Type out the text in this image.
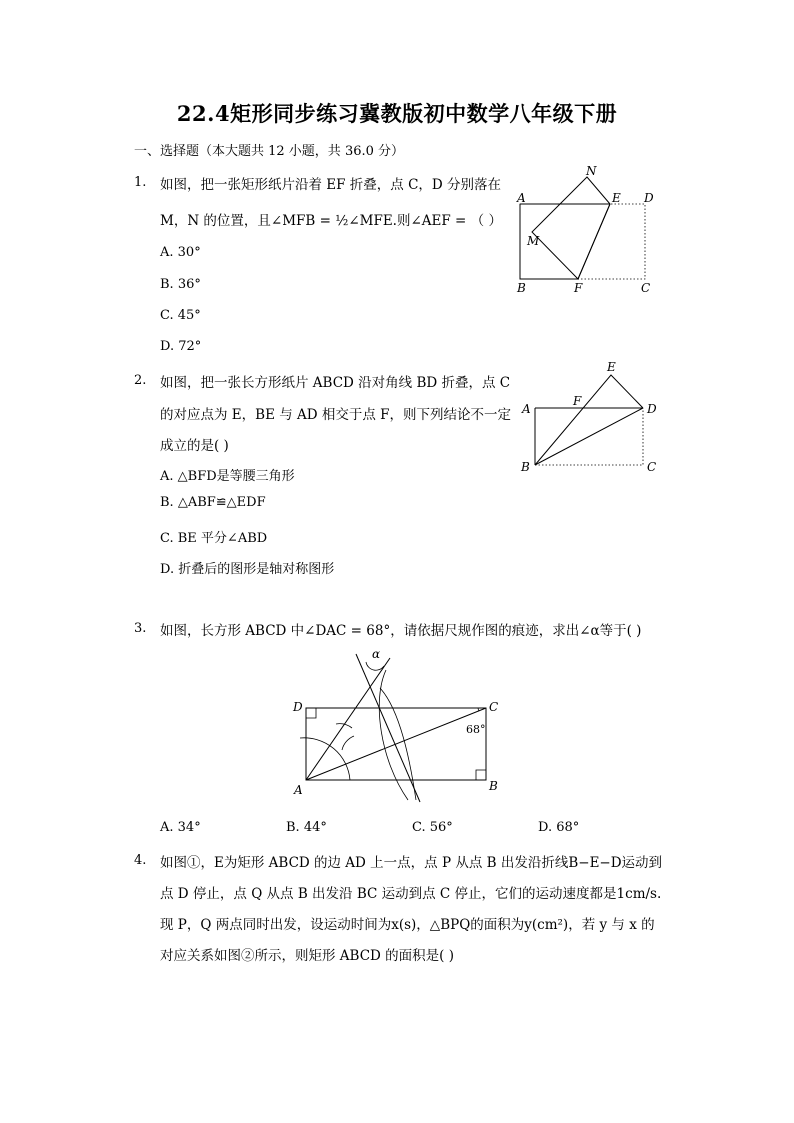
22.4矩形同步练习冀教版初中数学八年级下册
一、选择题（本大题共 12 小题，共 36.0 分）
1. 如图，把一张矩形纸片沿着 EF 折叠，点 C，D 分别落在
M，N 的位置，且∠MFB = ½∠MFE.则∠AEF = （ ）
A. 30°
B. 36°
C. 45°
D. 72°
A
N
E D
M
B	F	C
2. 如图，把一张长方形纸片 ABCD 沿对角线 BD 折叠，点 C
的对应点为 E，BE 与 AD 相交于点 F，则下列结论不一定
成立的是( )
A. △BFD是等腰三角形
B. △ABF≌△EDF
C. BE 平分∠ABD
D. 折叠后的图形是轴对称图形
E
A
F
D
B	C
3. 如图，长方形 ABCD 中∠DAC = 68°，请依据尺规作图的痕迹，求出∠α等于( )
α
D	C
68°
A	B
A. 34°	B. 44°	C. 56°	D. 68°
4. 如图①，E为矩形 ABCD 的边 AD 上一点，点 P 从点 B 出发沿折线B−E−D运动到
点 D 停止，点 Q 从点 B 出发沿 BC 运动到点 C 停止，它们的运动速度都是1cm/s.
现 P，Q 两点同时出发，设运动时间为x(s)，△BPQ的面积为y(cm²)，若 y 与 x 的
对应关系如图②所示，则矩形 ABCD 的面积是( )
